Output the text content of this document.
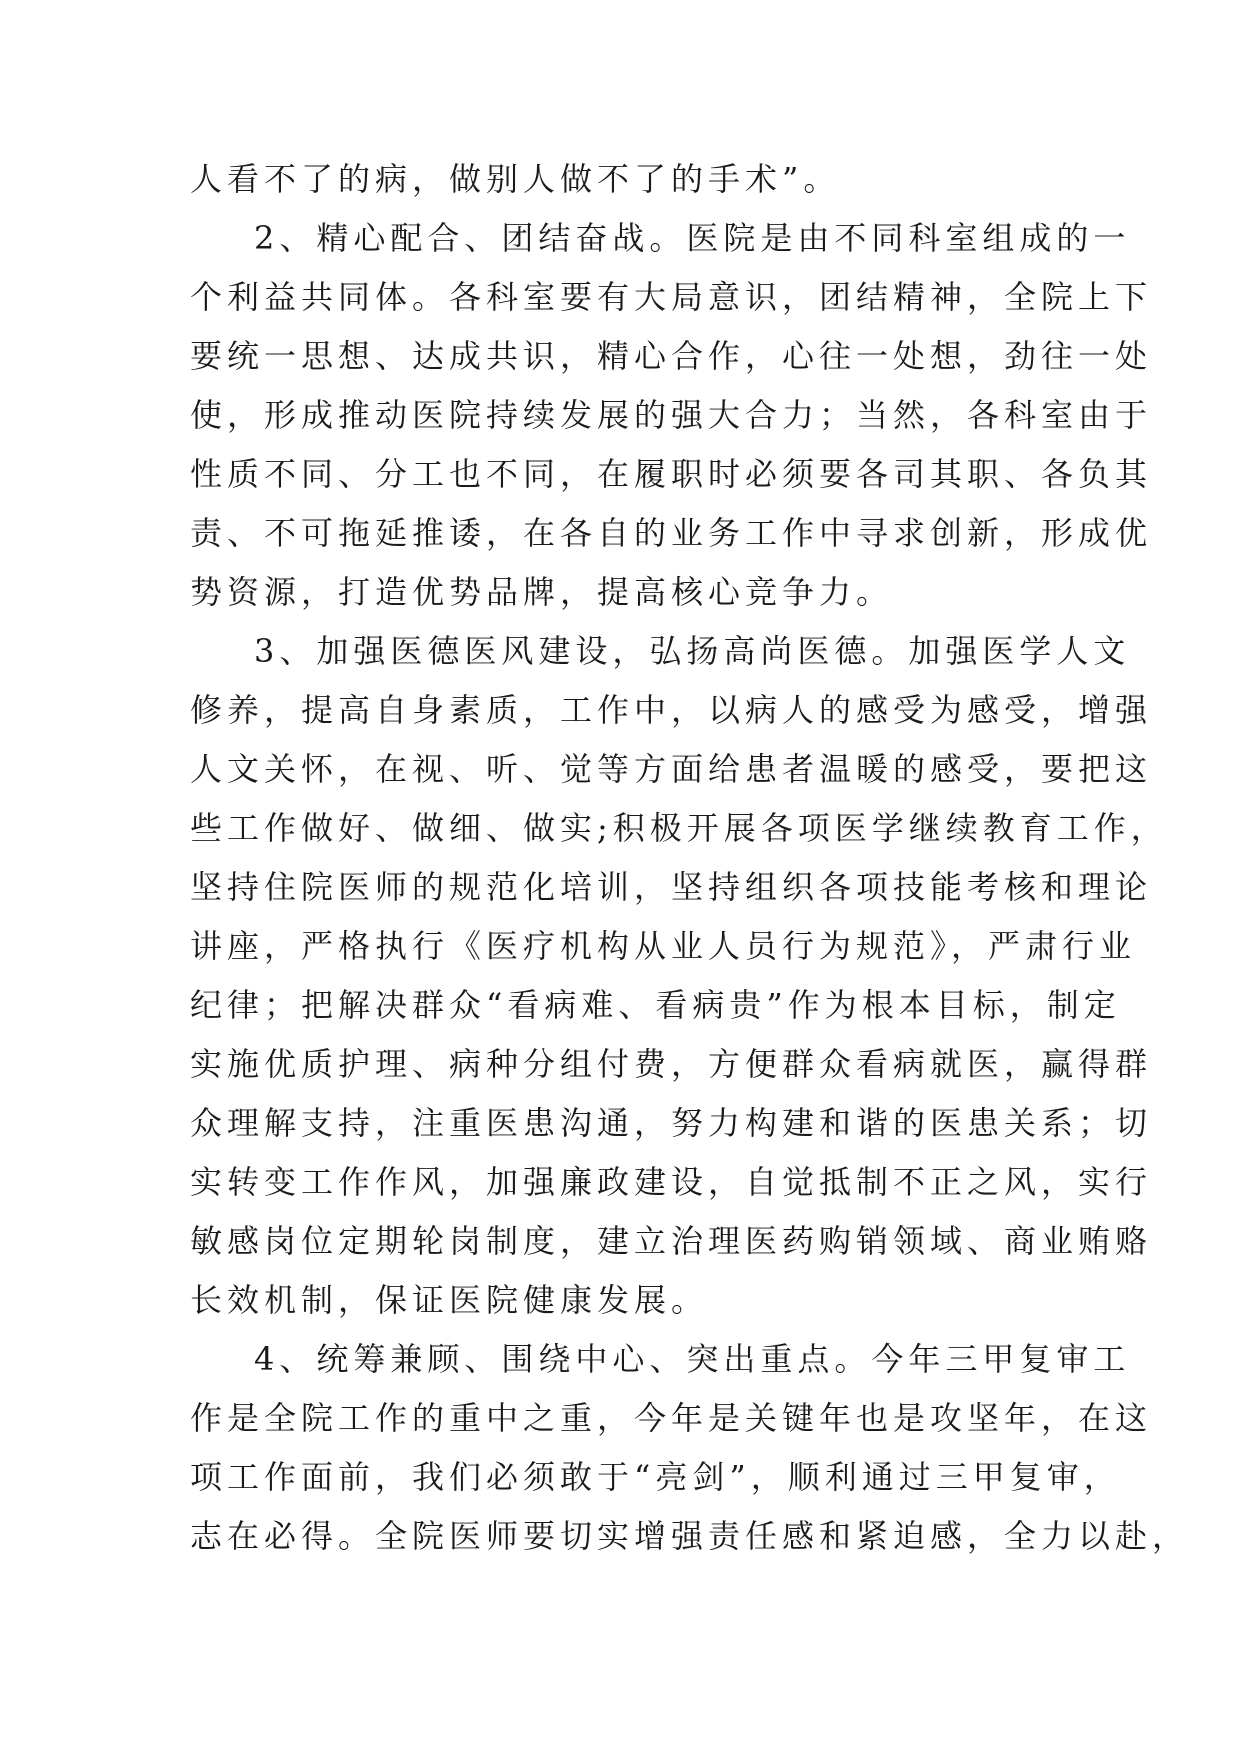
人看不了的病，做别人做不了的手术”。
2、精心配合、团结奋战。医院是由不同科室组成的一
个利益共同体。各科室要有大局意识，团结精神，全院上下
要统一思想、达成共识，精心合作，心往一处想，劲往一处
使，形成推动医院持续发展的强大合力；当然，各科室由于
性质不同、分工也不同，在履职时必须要各司其职、各负其
责、不可拖延推诿，在各自的业务工作中寻求创新，形成优
势资源，打造优势品牌，提高核心竞争力。
3、加强医德医风建设，弘扬高尚医德。加强医学人文
修养，提高自身素质，工作中，以病人的感受为感受，增强
人文关怀，在视、听、觉等方面给患者温暖的感受，要把这
些工作做好、做细、做实;积极开展各项医学继续教育工作，
坚持住院医师的规范化培训，坚持组织各项技能考核和理论
讲座，严格执行《医疗机构从业人员行为规范》，严肃行业
纪律；把解决群众“看病难、看病贵”作为根本目标，制定
实施优质护理、病种分组付费，方便群众看病就医，赢得群
众理解支持，注重医患沟通，努力构建和谐的医患关系；切
实转变工作作风，加强廉政建设，自觉抵制不正之风，实行
敏感岗位定期轮岗制度，建立治理医药购销领域、商业贿赂
长效机制，保证医院健康发展。
4、统筹兼顾、围绕中心、突出重点。今年三甲复审工
作是全院工作的重中之重，今年是关键年也是攻坚年，在这
项工作面前，我们必须敢于“亮剑”，顺利通过三甲复审，
志在必得。全院医师要切实增强责任感和紧迫感，全力以赴，
